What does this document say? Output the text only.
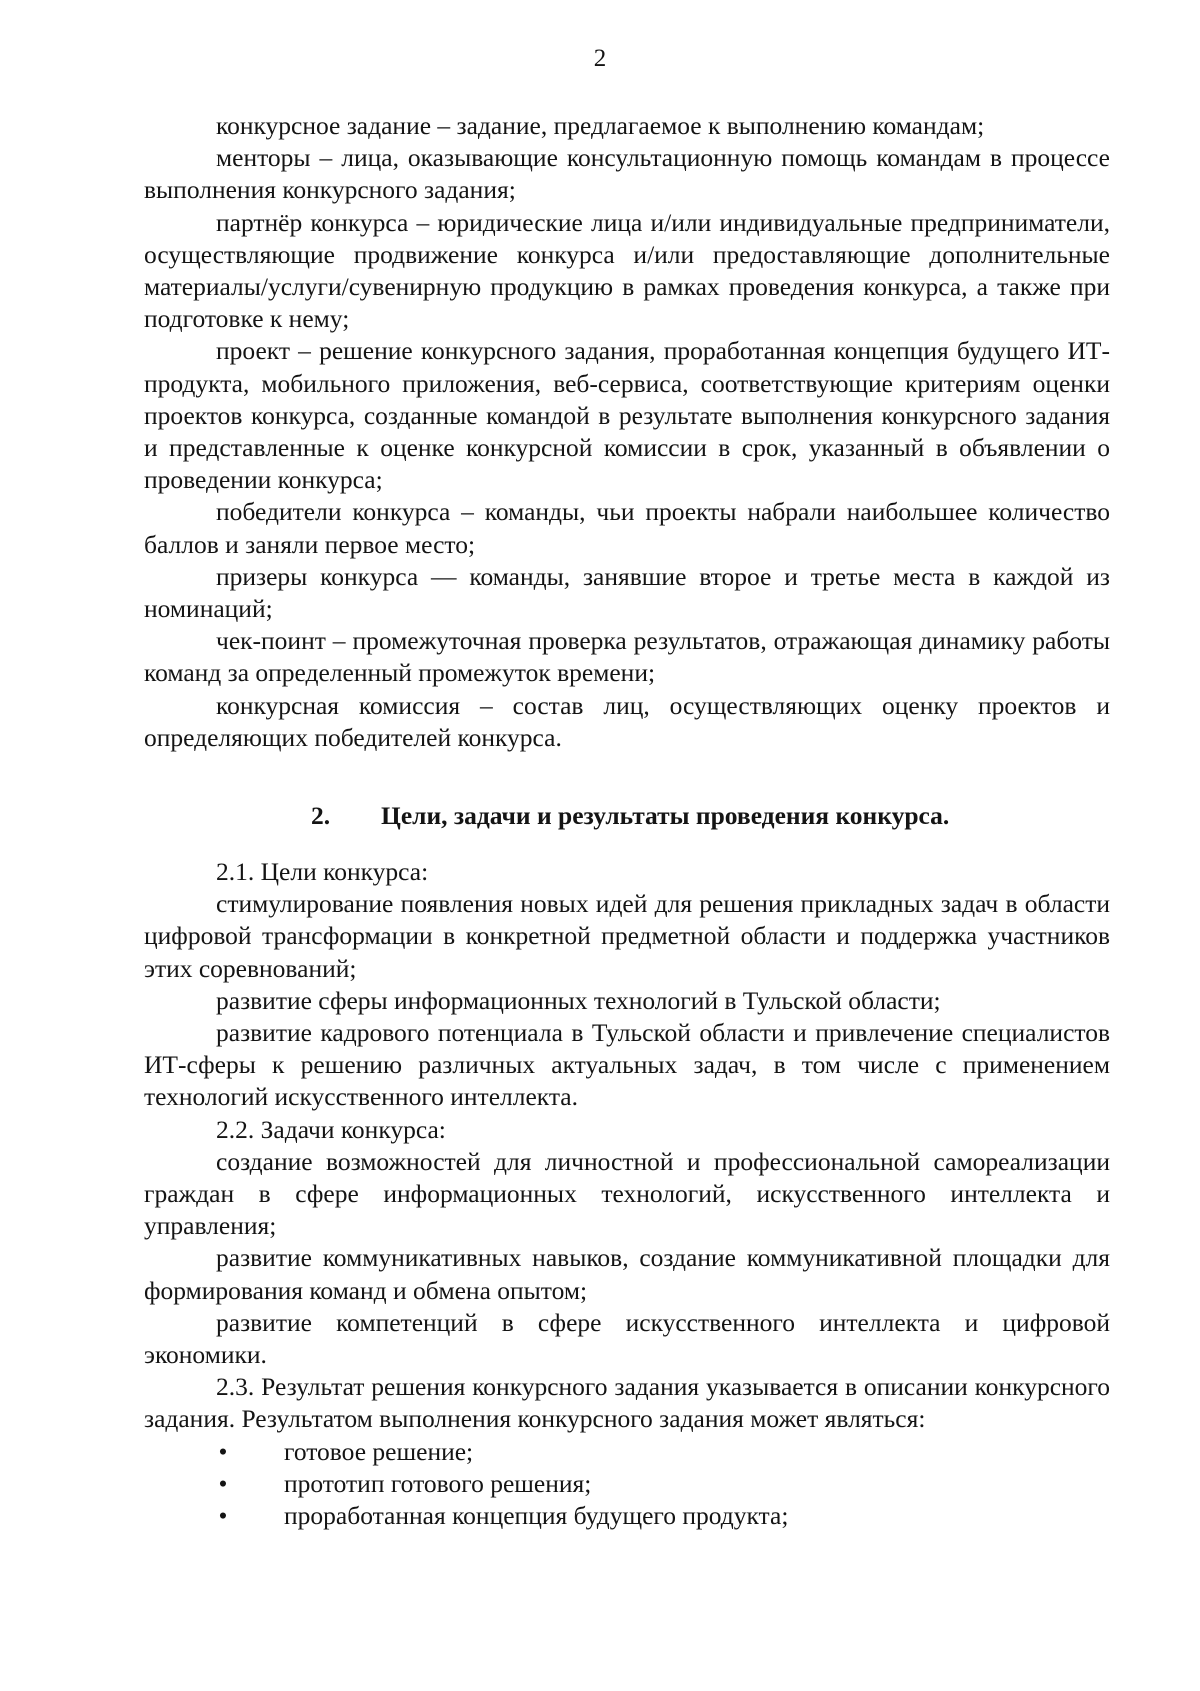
2

конкурсное задание – задание, предлагаемое к выполнению командам;

менторы – лица, оказывающие консультационную помощь командам в процессе выполнения конкурсного задания;

партнёр конкурса – юридические лица и/или индивидуальные предприниматели, осуществляющие продвижение конкурса и/или предоставляющие дополнительные материалы/услуги/сувенирную продукцию в рамках проведения конкурса, а также при подготовке к нему;

проект – решение конкурсного задания, проработанная концепция будущего ИТ-продукта, мобильного приложения, веб-сервиса, соответствующие критериям оценки проектов конкурса, созданные командой в результате выполнения конкурсного задания и представленные к оценке конкурсной комиссии в срок, указанный в объявлении о проведении конкурса;

победители конкурса – команды, чьи проекты набрали наибольшее количество баллов и заняли первое место;

призеры конкурса — команды, занявшие второе и третье места в каждой из номинаций;

чек-поинт – промежуточная проверка результатов, отражающая динамику работы команд за определенный промежуток времени;

конкурсная комиссия – состав лиц, осуществляющих оценку проектов и определяющих победителей конкурса.

2. Цели, задачи и результаты проведения конкурса.

2.1. Цели конкурса:

стимулирование появления новых идей для решения прикладных задач в области цифровой трансформации в конкретной предметной области и поддержка участников этих соревнований;

развитие сферы информационных технологий в Тульской области;

развитие кадрового потенциала в Тульской области и привлечение специалистов ИТ-сферы к решению различных актуальных задач, в том числе с применением технологий искусственного интеллекта.

2.2. Задачи конкурса:

создание возможностей для личностной и профессиональной самореализации граждан в сфере информационных технологий, искусственного интеллекта и управления;

развитие коммуникативных навыков, создание коммуникативной площадки для формирования команд и обмена опытом;

развитие компетенций в сфере искусственного интеллекта и цифровой экономики.

2.3. Результат решения конкурсного задания указывается в описании конкурсного задания. Результатом выполнения конкурсного задания может являться:

• готовое решение;
• прототип готового решения;
• проработанная концепция будущего продукта;
